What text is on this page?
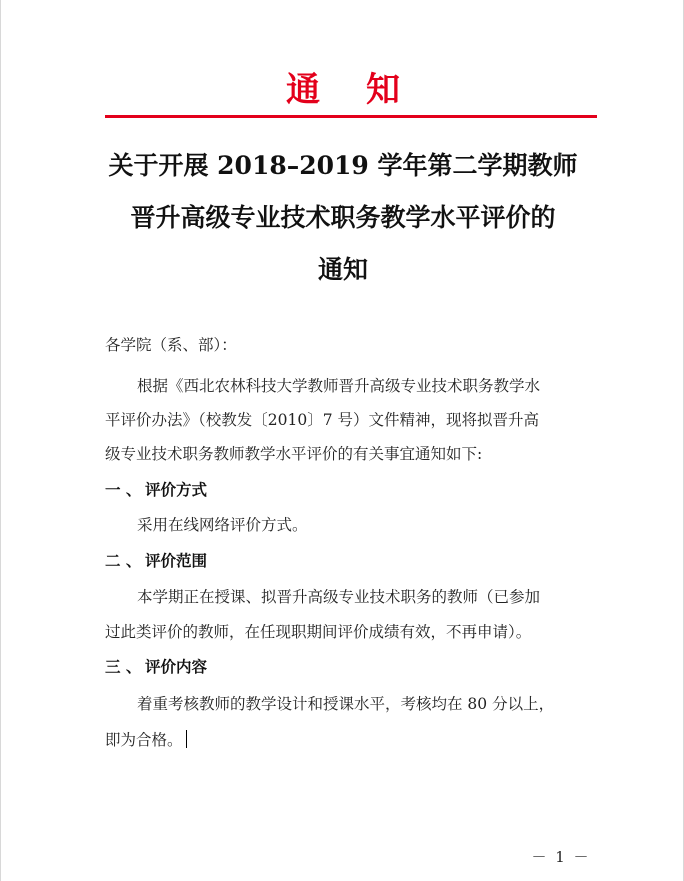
通知
关于开展 2018–2019 学年第二学期教师
晋升高级专业技术职务教学水平评价的
通知
各学院（系、部）：
根据《西北农林科技大学教师晋升高级专业技术职务教学水
平评价办法》（校教发〔2010〕7 号）文件精神，现将拟晋升高
级专业技术职务教师教学水平评价的有关事宜通知如下:
一 、 评价方式
采用在线网络评价方式。
二 、 评价范围
本学期正在授课、拟晋升高级专业技术职务的教师（已参加
过此类评价的教师，在任现职期间评价成绩有效，不再申请）。
三 、 评价内容
着重考核教师的教学设计和授课水平，考核均在 80 分以上，
即为合格。
－ 1 －
